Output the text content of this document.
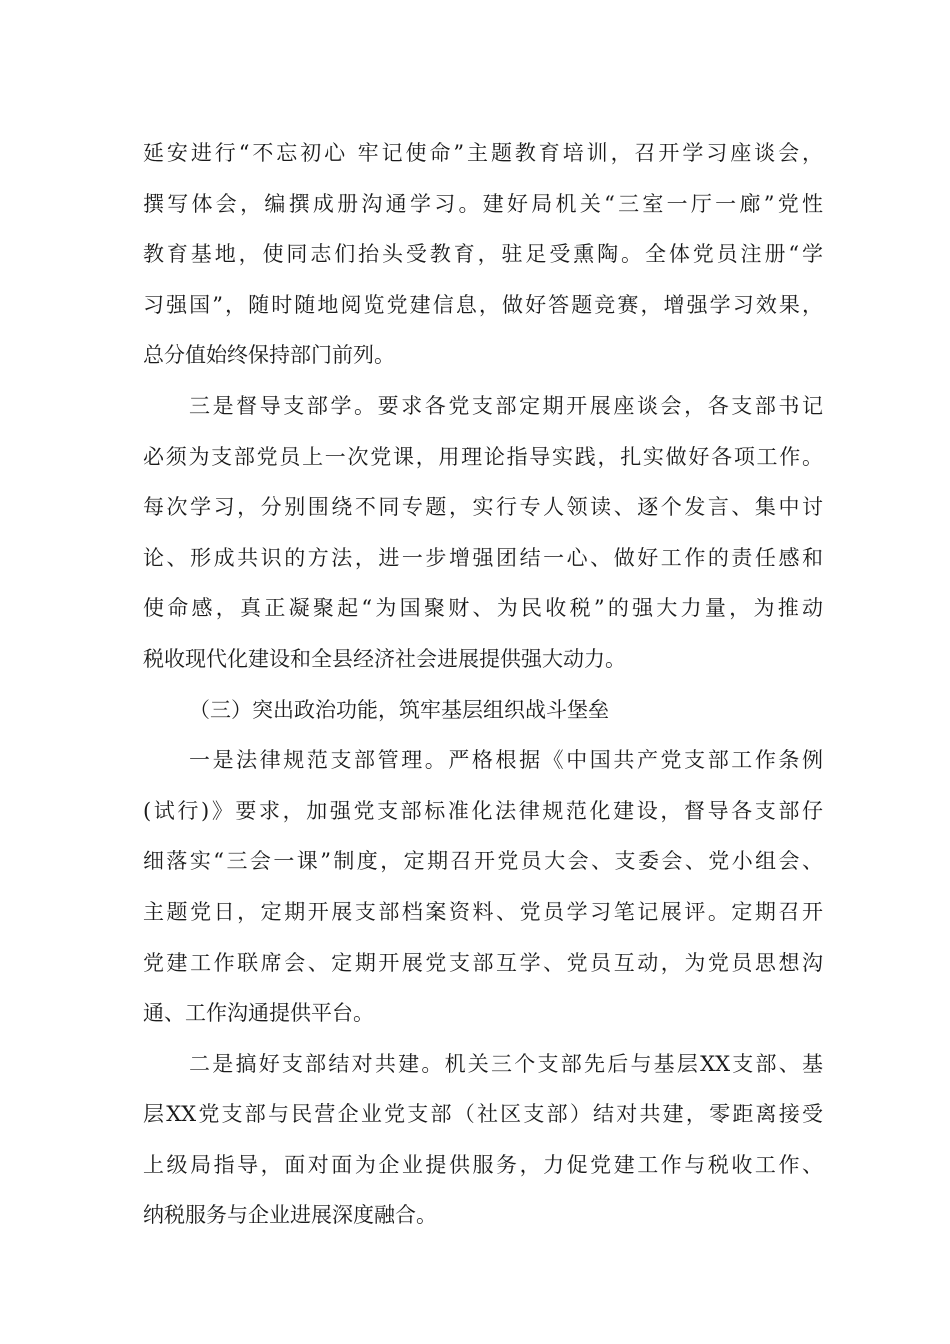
延安进行“不忘初心 牢记使命”主题教育培训，召开学习座谈会，
撰写体会，编撰成册沟通学习。建好局机关“三室一厅一廊”党性
教育基地，使同志们抬头受教育，驻足受熏陶。全体党员注册“学
习强国”，随时随地阅览党建信息，做好答题竞赛，增强学习效果，
总分值始终保持部门前列。
三是督导支部学。要求各党支部定期开展座谈会，各支部书记
必须为支部党员上一次党课，用理论指导实践，扎实做好各项工作。
每次学习，分别围绕不同专题，实行专人领读、逐个发言、集中讨
论、形成共识的方法，进一步增强团结一心、做好工作的责任感和
使命感，真正凝聚起“为国聚财、为民收税”的强大力量，为推动
税收现代化建设和全县经济社会进展提供强大动力。
（三）突出政治功能，筑牢基层组织战斗堡垒
一是法律规范支部管理。严格根据《中国共产党支部工作条例
(试行)》要求，加强党支部标准化法律规范化建设，督导各支部仔
细落实“三会一课”制度，定期召开党员大会、支委会、党小组会、
主题党日，定期开展支部档案资料、党员学习笔记展评。定期召开
党建工作联席会、定期开展党支部互学、党员互动，为党员思想沟
通、工作沟通提供平台。
二是搞好支部结对共建。机关三个支部先后与基层XX支部、基
层XX党支部与民营企业党支部（社区支部）结对共建，零距离接受
上级局指导，面对面为企业提供服务，力促党建工作与税收工作、
纳税服务与企业进展深度融合。
